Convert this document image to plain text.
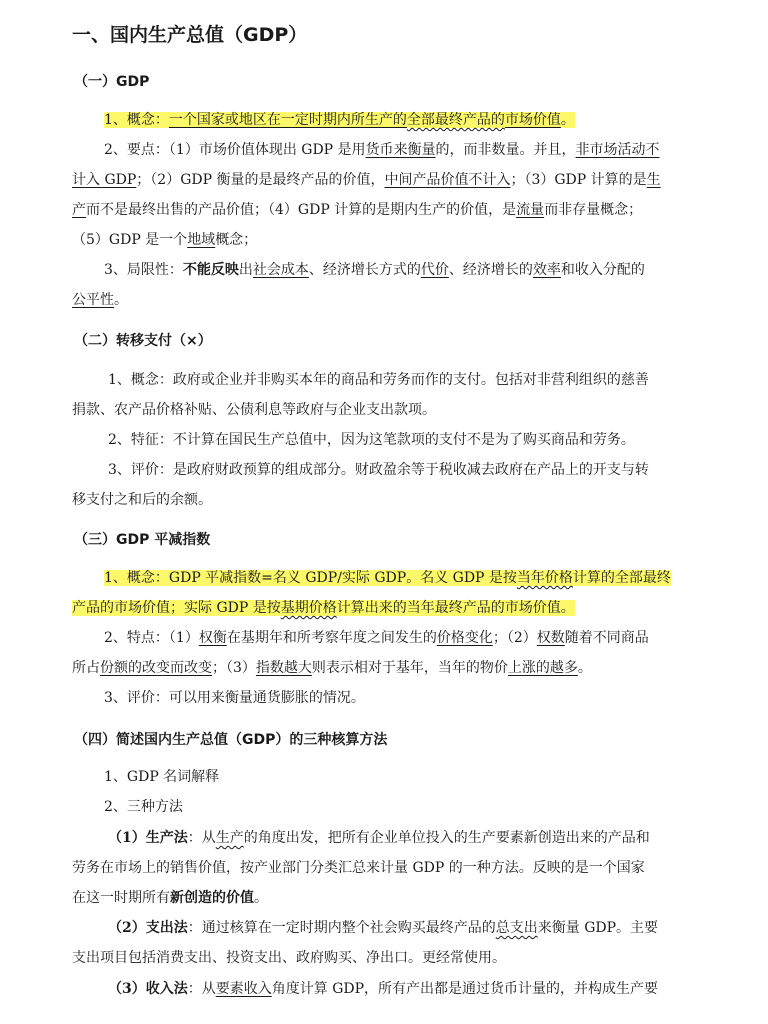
一、国内生产总值（GDP）
（一）GDP
1、概念：一个国家或地区在一定时期内所生产的全部最终产品的市场价值。
2、要点：（1）市场价值体现出 GDP 是用货币来衡量的，而非数量。并且，非市场活动不
计入 GDP；（2）GDP 衡量的是最终产品的价值，中间产品价值不计入；（3）GDP 计算的是生
产而不是最终出售的产品价值；（4）GDP 计算的是期内生产的价值，是流量而非存量概念；
（5）GDP 是一个地域概念；
3、局限性：不能反映出社会成本、经济增长方式的代价、经济增长的效率和收入分配的
公平性。
（二）转移支付（×）
1、概念：政府或企业并非购买本年的商品和劳务而作的支付。包括对非营利组织的慈善
捐款、农产品价格补贴、公债利息等政府与企业支出款项。
2、特征：不计算在国民生产总值中，因为这笔款项的支付不是为了购买商品和劳务。
3、评价：是政府财政预算的组成部分。财政盈余等于税收减去政府在产品上的开支与转
移支付之和后的余额。
（三）GDP 平减指数
1、概念：GDP 平减指数=名义 GDP/实际 GDP。名义 GDP 是按当年价格计算的全部最终
产品的市场价值；实际 GDP 是按基期价格计算出来的当年最终产品的市场价值。
2、特点：（1）权衡在基期年和所考察年度之间发生的价格变化；（2）权数随着不同商品
所占份额的改变而改变；（3）指数越大则表示相对于基年，当年的物价上涨的越多。
3、评价：可以用来衡量通货膨胀的情况。
（四）简述国内生产总值（GDP）的三种核算方法
1、GDP 名词解释
2、三种方法
（1）生产法：从生产的角度出发，把所有企业单位投入的生产要素新创造出来的产品和
劳务在市场上的销售价值，按产业部门分类汇总来计量 GDP 的一种方法。反映的是一个国家
在这一时期所有新创造的价值。
（2）支出法：通过核算在一定时期内整个社会购买最终产品的总支出来衡量 GDP。主要
支出项目包括消费支出、投资支出、政府购买、净出口。更经常使用。
（3）收入法：从要素收入角度计算 GDP，所有产出都是通过货币计量的，并构成生产要
